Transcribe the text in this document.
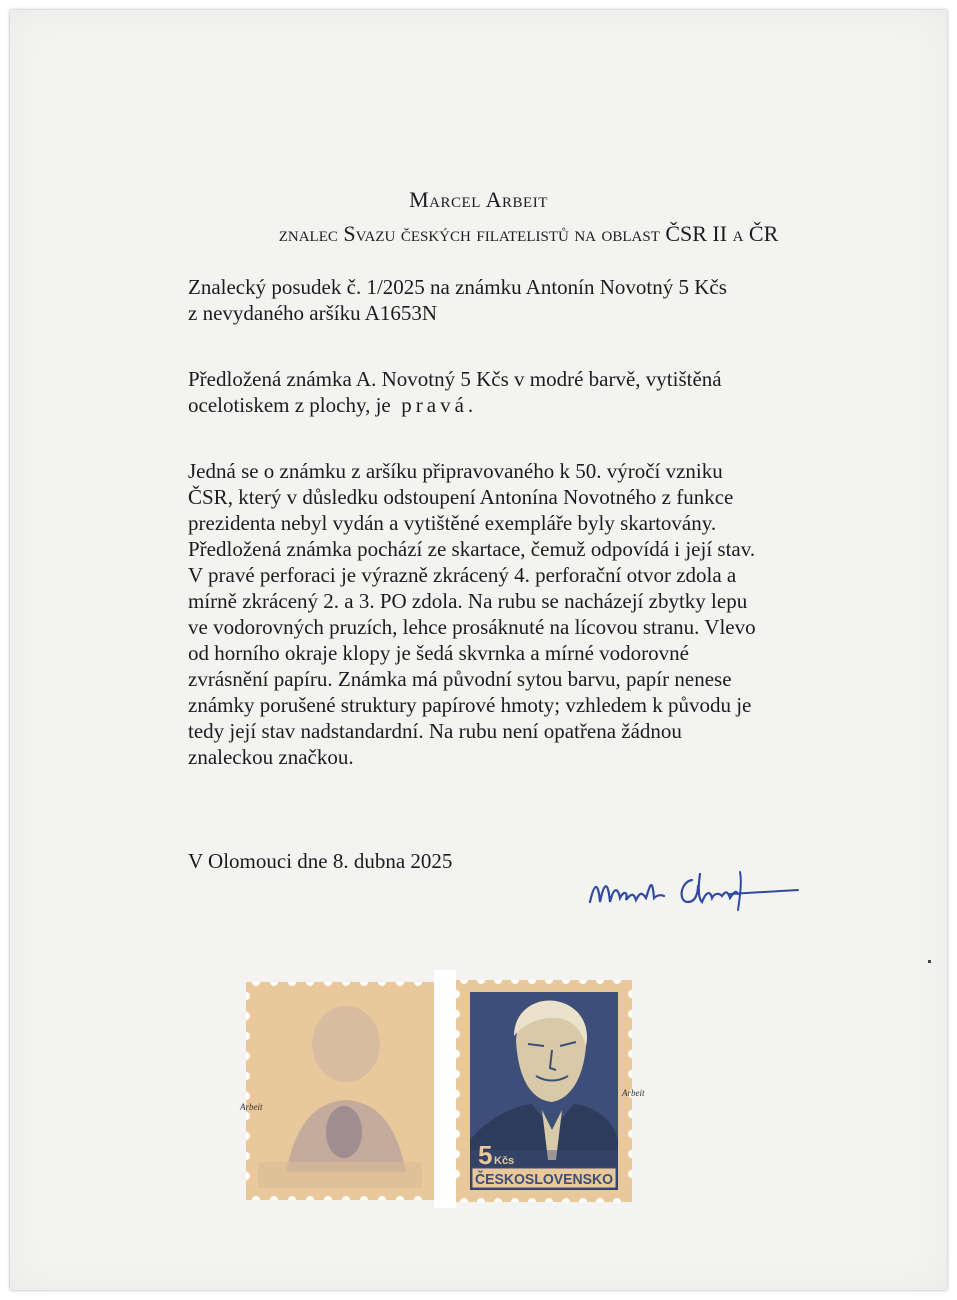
Marcel Arbeit
znalec Svazu českých filatelistů na oblast ČSR II a ČR

Znalecký posudek č. 1/2025 na známku Antonín Novotný 5 Kčs

z nevydaného aršíku A1653N

Předložená známka A. Novotný 5 Kčs v modré barvě, vytištěná

ocelotiskem z plochy, je pravá.

Jedná se o známku z aršíku připravovaného k 50. výročí vzniku

ČSR, který v důsledku odstoupení Antonína Novotného z funkce

prezidenta nebyl vydán a vytištěné exempláře byly skartovány.

Předložená známka pochází ze skartace, čemuž odpovídá i její stav.

V pravé perforaci je výrazně zkrácený 4. perforační otvor zdola a

mírně zkrácený 2. a 3. PO zdola. Na rubu se nacházejí zbytky lepu

ve vodorovných pruzích, lehce prosáknuté na lícovou stranu. Vlevo

od horního okraje klopy je šedá skvrnka a mírné vodorovné

zvrásnění papíru. Známka má původní sytou barvu, papír nenese

známky porušené struktury papírové hmoty; vzhledem k původu je

tedy její stav nadstandardní. Na rubu není opatřena žádnou

znaleckou značkou.

V Olomouci dne 8. dubna 2025
Arbeit
5 Kčs
ČESKOSLOVENSKO
Arbeit
